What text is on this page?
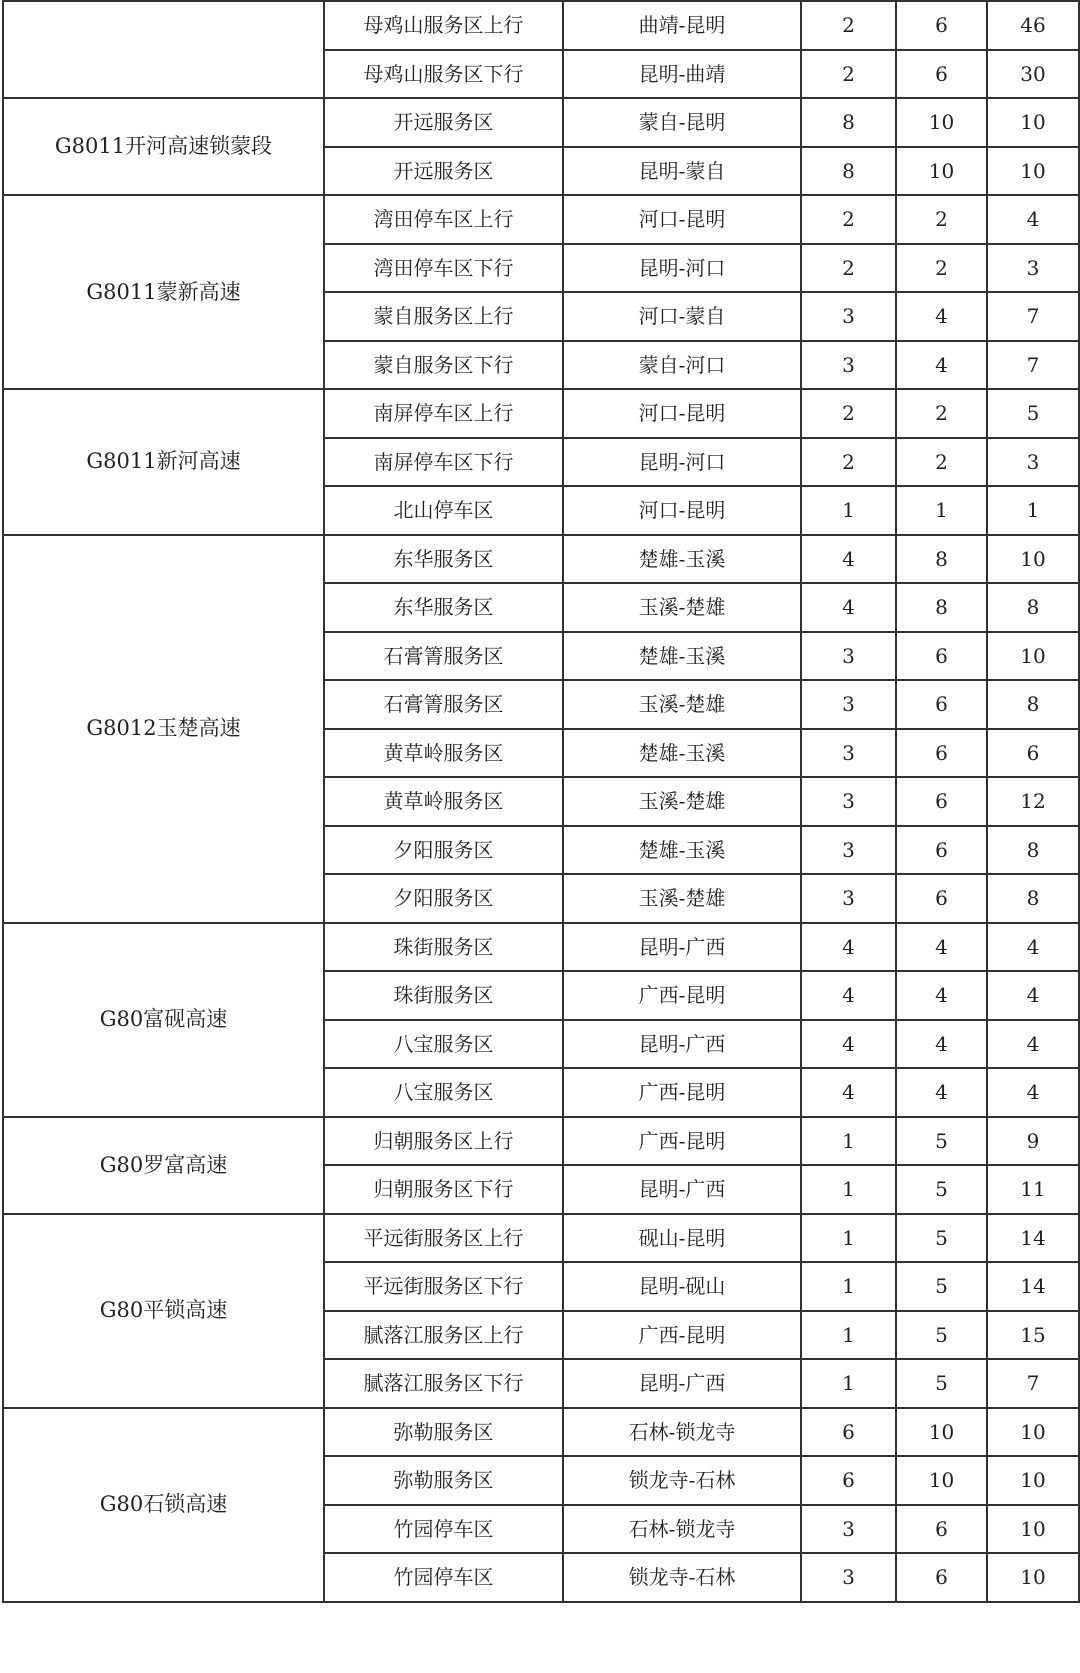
	母鸡山服务区上行	曲靖-昆明	2	6	46
	母鸡山服务区下行	昆明-曲靖	2	6	30
G8011开河高速锁蒙段	开远服务区	蒙自-昆明	8	10	10
	开远服务区	昆明-蒙自	8	10	10
G8011蒙新高速	湾田停车区上行	河口-昆明	2	2	4
	湾田停车区下行	昆明-河口	2	2	3
	蒙自服务区上行	河口-蒙自	3	4	7
	蒙自服务区下行	蒙自-河口	3	4	7
G8011新河高速	南屏停车区上行	河口-昆明	2	2	5
	南屏停车区下行	昆明-河口	2	2	3
	北山停车区	河口-昆明	1	1	1
G8012玉楚高速	东华服务区	楚雄-玉溪	4	8	10
	东华服务区	玉溪-楚雄	4	8	8
	石膏箐服务区	楚雄-玉溪	3	6	10
	石膏箐服务区	玉溪-楚雄	3	6	8
	黄草岭服务区	楚雄-玉溪	3	6	6
	黄草岭服务区	玉溪-楚雄	3	6	12
	夕阳服务区	楚雄-玉溪	3	6	8
	夕阳服务区	玉溪-楚雄	3	6	8
G80富砚高速	珠街服务区	昆明-广西	4	4	4
	珠街服务区	广西-昆明	4	4	4
	八宝服务区	昆明-广西	4	4	4
	八宝服务区	广西-昆明	4	4	4
G80罗富高速	归朝服务区上行	广西-昆明	1	5	9
	归朝服务区下行	昆明-广西	1	5	11
G80平锁高速	平远街服务区上行	砚山-昆明	1	5	14
	平远街服务区下行	昆明-砚山	1	5	14
	腻落江服务区上行	广西-昆明	1	5	15
	腻落江服务区下行	昆明-广西	1	5	7
G80石锁高速	弥勒服务区	石林-锁龙寺	6	10	10
	弥勒服务区	锁龙寺-石林	6	10	10
	竹园停车区	石林-锁龙寺	3	6	10
	竹园停车区	锁龙寺-石林	3	6	10
